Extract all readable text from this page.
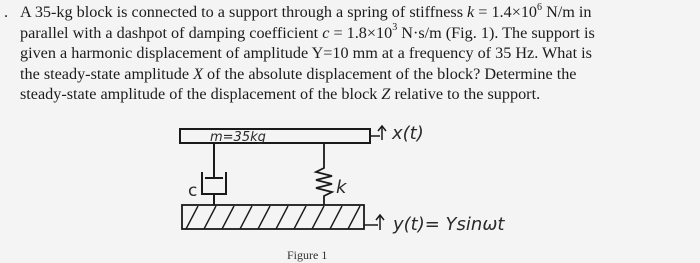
. A 35-kg block is connected to a support through a spring of stiffness $k = 1.4\times 10^6$ N/m in
parallel with a dashpot of damping coefficient $c = 1.8\times 10^3$ N·s/m (Fig. 1). The support is
given a harmonic displacement of amplitude Y=10 mm at a frequency of 35 Hz. What is
the steady-state amplitude X of the absolute displacement of the block? Determine the
steady-state amplitude of the displacement of the block Z relative to the support.
m=35kg	x(t)
c	k
y(t)= Ysinωt
Figure 1
